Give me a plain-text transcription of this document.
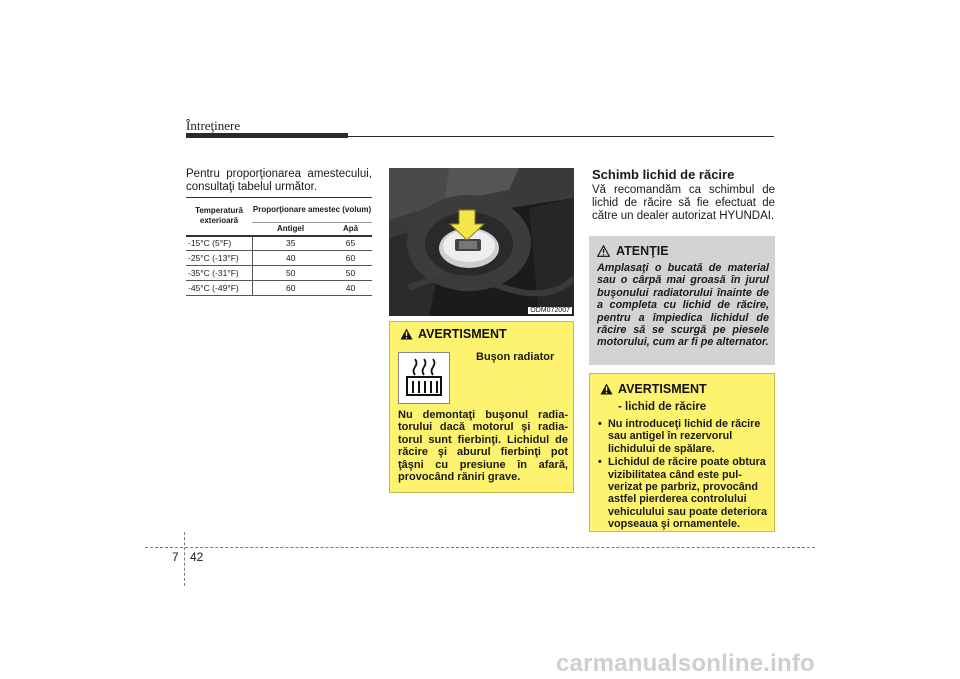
Întreţinere

Pentru proporţionarea amestecului, consultaţi tabelul următor.

Temperatură exterioară	Proporţionare amestec (volum)	
	Antigel	Apă
-15°C (5°F)	35	65
-25°C (-13°F)	40	60
-35°C (-31°F)	50	50
-45°C (-49°F)	60	40
ODM072007
AVERTISMENT
Buşon radiator

Nu demontaţi buşonul radiatorului dacă motorul şi radiatorul sunt fierbinţi. Lichidul de răcire şi aburul fierbinţi pot ţâşni cu presiune în afară, provocând răniri grave.

Schimb lichid de răcire

Vă recomandăm ca schimbul de lichid de răcire să fie efectuat de către un dealer autorizat HYUNDAI.

ATENŢIE

Amplasaţi o bucată de material sau o cârpă mai groasă în jurul buşonului radiatorului înainte de a completa cu lichid de răcire, pentru a împiedica lichidul de răcire să se scurgă pe piesele motorului, cum ar fi pe alternator.

AVERTISMENT
- lichid de răcire
• Nu introduceţi lichid de răcire sau antigel în rezervorul lichidului de spălare.
• Lichidul de răcire poate obtura vizibilitatea când este pulverizat pe parbriz, provocând astfel pierderea controlului vehiculului sau poate deteriora vopseaua şi ornamentele.
7 42
carmanualsonline.info
